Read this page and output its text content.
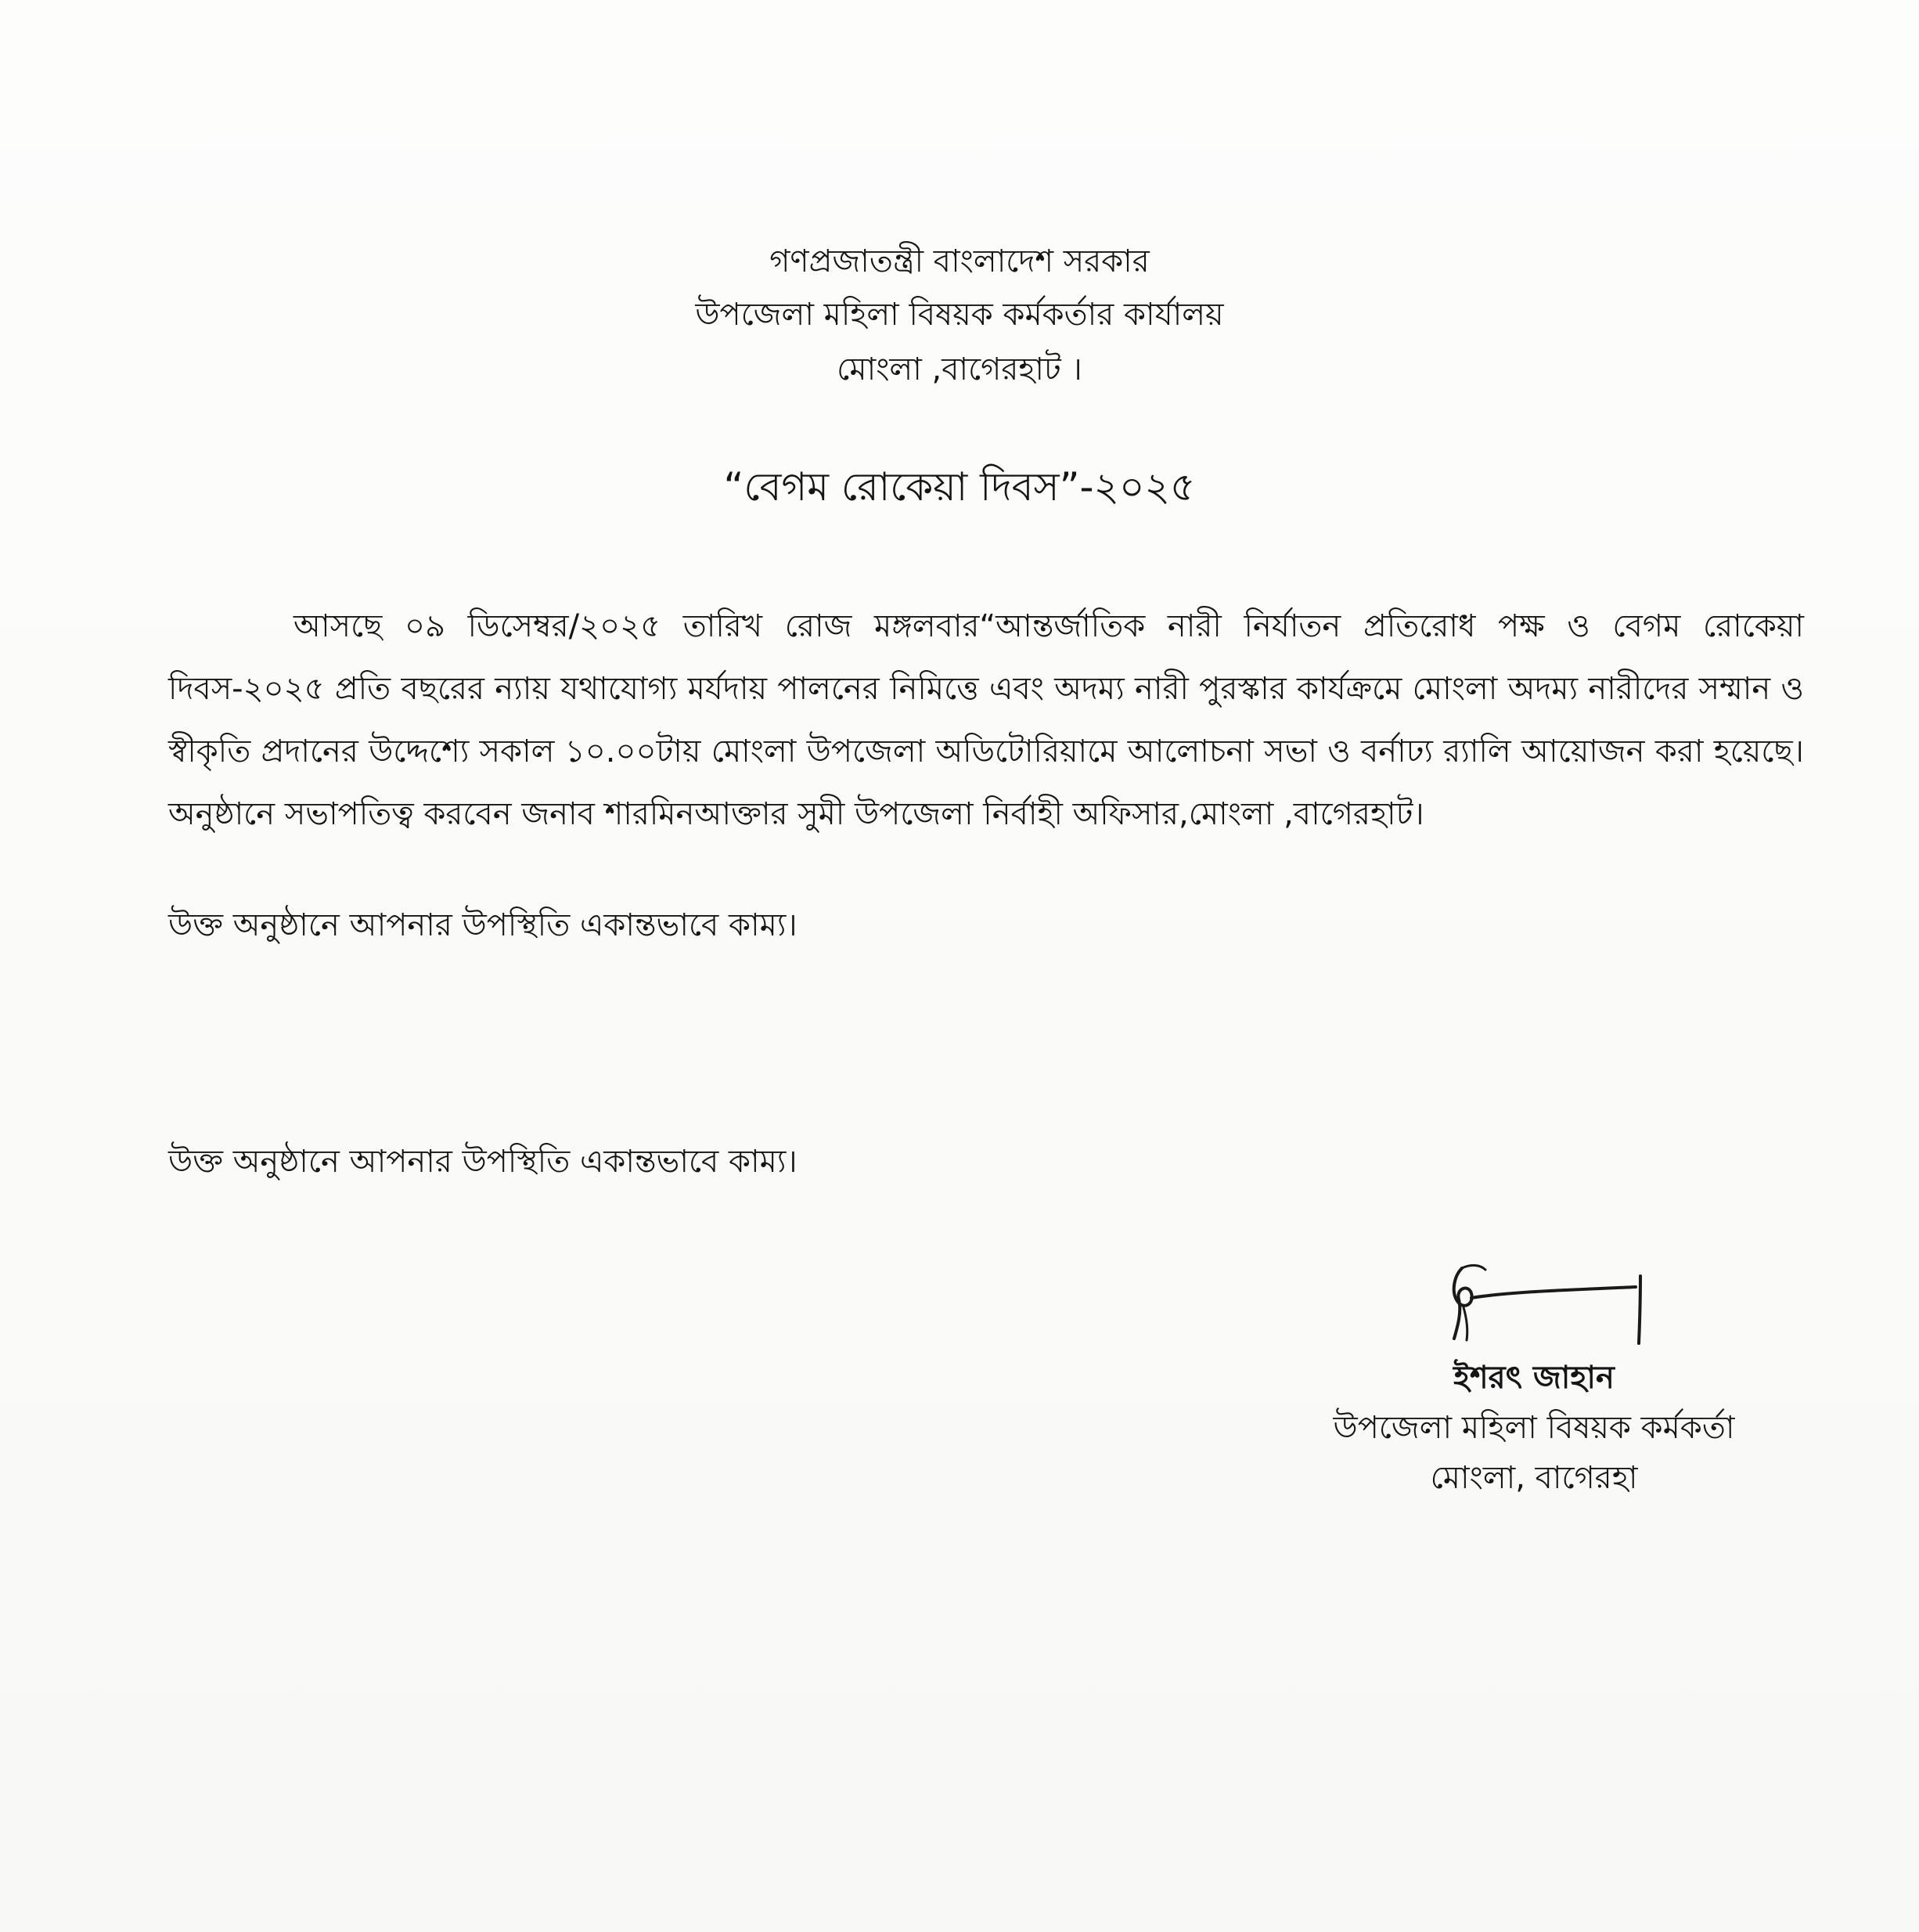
গণপ্রজাতন্ত্রী বাংলাদেশ সরকার
উপজেলা মহিলা বিষয়ক কর্মকর্তার কার্যালয়
মোংলা ,বাগেরহাট ।
“বেগম রোকেয়া দিবস”-২০২৫
আসছে ০৯ ডিসেম্বর/২০২৫ তারিখ রোজ মঙ্গলবার“আন্তর্জাতিক নারী নির্যাতন প্রতিরোধ পক্ষ ও বেগম রোকেয়া দিবস-২০২৫ প্রতি বছরের ন্যায় যথাযোগ্য মর্যদায় পালনের নিমিত্তে এবং অদম্য নারী পুরস্কার কার্যক্রমে মোংলা অদম্য নারীদের সম্মান ও স্বীকৃতি প্রদানের উদ্দেশ্যে সকাল ১০.০০টায় মোংলা উপজেলা অডিটোরিয়ামে আলোচনা সভা ও বর্নাঢ্য র‍্যালি আয়োজন করা হয়েছে। অনুষ্ঠানে সভাপতিত্ব করবেন জনাব শারমিনআক্তার সুমী উপজেলা নির্বাহী অফিসার,মোংলা ,বাগেরহাট।
উক্ত অনুষ্ঠানে আপনার উপস্থিতি একান্তভাবে কাম্য।
উক্ত অনুষ্ঠানে আপনার উপস্থিতি একান্তভাবে কাম্য।
ইশরৎ জাহান
উপজেলা মহিলা বিষয়ক কর্মকর্তা
মোংলা, বাগেরহা
